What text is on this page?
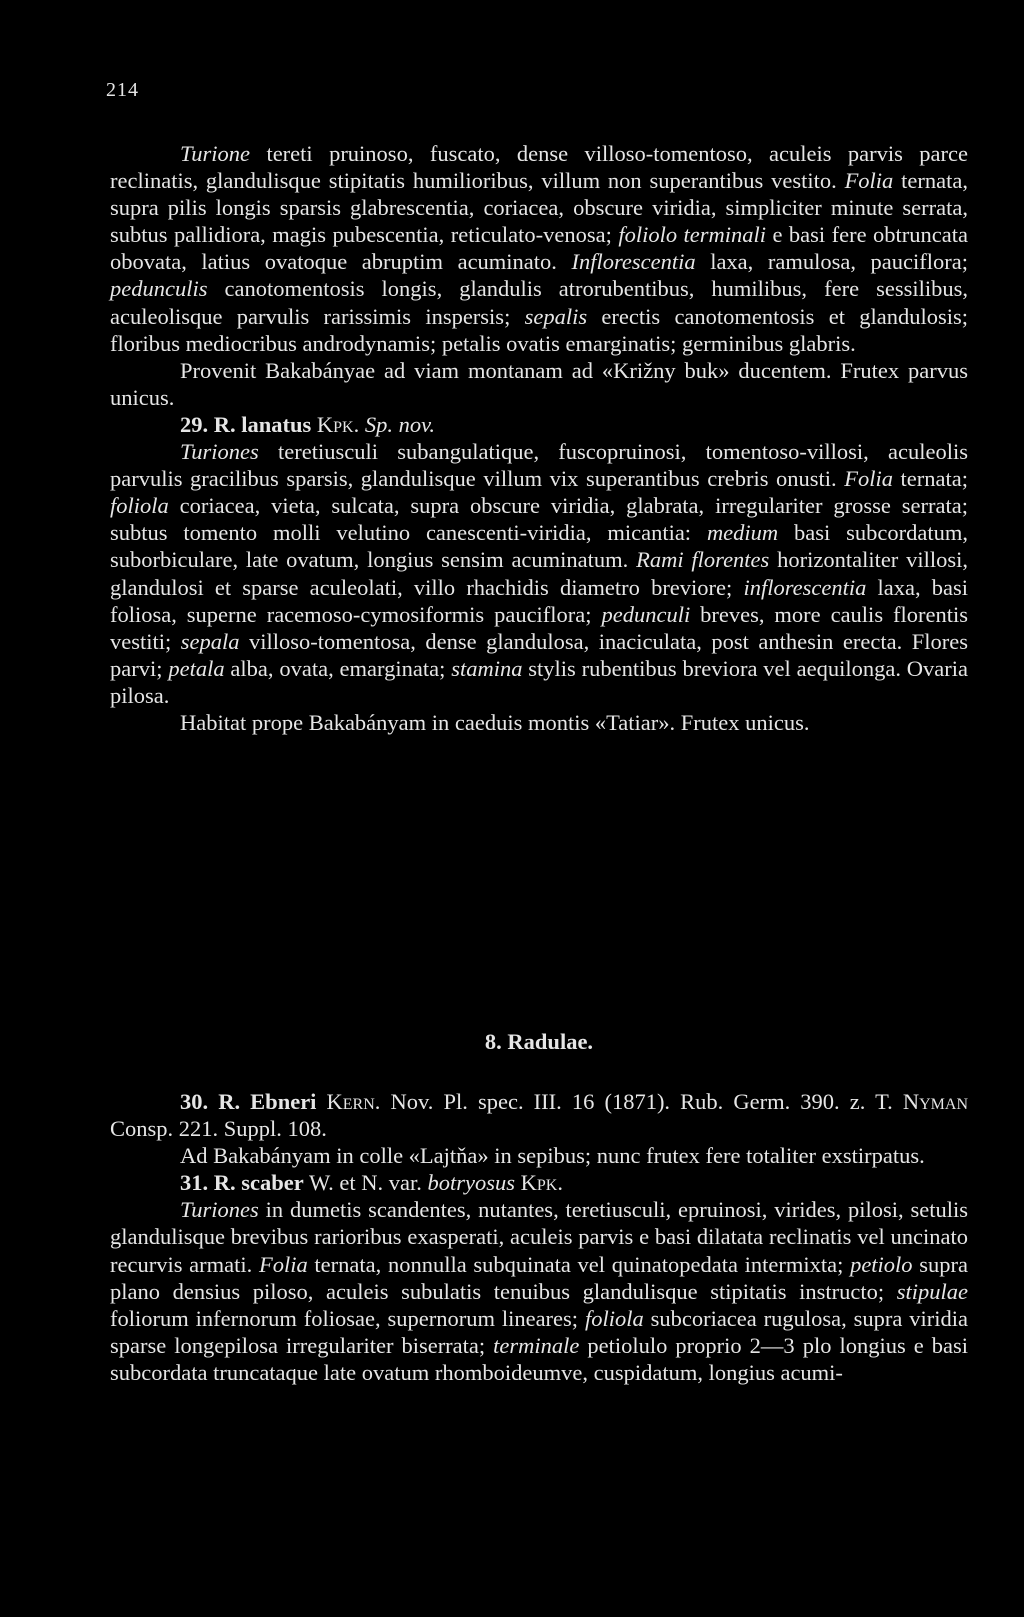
214

Turione tereti pruinoso, fuscato, dense villoso-tomentoso, aculeis parvis parce reclinatis, glandulisque stipitatis humilioribus, villum non superantibus vestito. Folia ternata, supra pilis longis sparsis glabrescentia, coriacea, obscure viridia, simpliciter minute serrata, subtus pallidiora, magis pubescentia, reticulato-venosa; foliolo terminali e basi fere obtruncata obovata, latius ovatoque abruptim acuminato. Inflorescentia laxa, ramulosa, pauciflora; pedunculis canotomentosis longis, glandulis atrorubentibus, humilibus, fere sessilibus, aculeolisque parvulis rarissimis inspersis; sepalis erectis canotomentosis et glandulosis; floribus mediocribus androdynamis; petalis ovatis emarginatis; germinibus glabris.

Provenit Bakabányae ad viam montanam ad «Križny buk» ducentem. Frutex parvus unicus.

29. R. lanatus Kpk. Sp. nov.

Turiones teretiusculi subangulatique, fuscopruinosi, tomentoso-villosi, aculeolis parvulis gracilibus sparsis, glandulisque villum vix superantibus crebris onusti. Folia ternata; foliola coriacea, vieta, sulcata, supra obscure viridia, glabrata, irregulariter grosse serrata; subtus tomento molli velutino canescenti-viridia, micantia: medium basi subcordatum, suborbiculare, late ovatum, longius sensim acuminatum. Rami florentes horizontaliter villosi, glandulosi et sparse aculeolati, villo rhachidis diametro breviore; inflorescentia laxa, basi foliosa, superne racemoso-cymosiformis pauciflora; pedunculi breves, more caulis florentis vestiti; sepala villoso-tomentosa, dense glandulosa, inaciculata, post anthesin erecta. Flores parvi; petala alba, ovata, emarginata; stamina stylis rubentibus breviora vel aequilonga. Ovaria pilosa.

Habitat prope Bakabányam in caeduis montis «Tatiar». Frutex unicus.

8. Radulae.

30. R. Ebneri Kern. Nov. Pl. spec. III. 16 (1871). Rub. Germ. 390. z. T. Nyman Consp. 221. Suppl. 108.

Ad Bakabányam in colle «Lajtňa» in sepibus; nunc frutex fere totaliter exstirpatus.

31. R. scaber W. et N. var. botryosus Kpk.

Turiones in dumetis scandentes, nutantes, teretiusculi, epruinosi, virides, pilosi, setulis glandulisque brevibus rarioribus exasperati, aculeis parvis e basi dilatata reclinatis vel uncinato recurvis armati. Folia ternata, nonnulla subquinata vel quinatopedata intermixta; petiolo supra plano densius piloso, aculeis subulatis tenuibus glandulisque stipitatis instructo; stipulae foliorum infernorum foliosae, supernorum lineares; foliola subcoriacea rugulosa, supra viridia sparse longepilosa irregulariter biserrata; terminale petiolulo proprio 2—3 plo longius e basi subcordata truncataque late ovatum rhomboideumve, cuspidatum, longius acumi-
